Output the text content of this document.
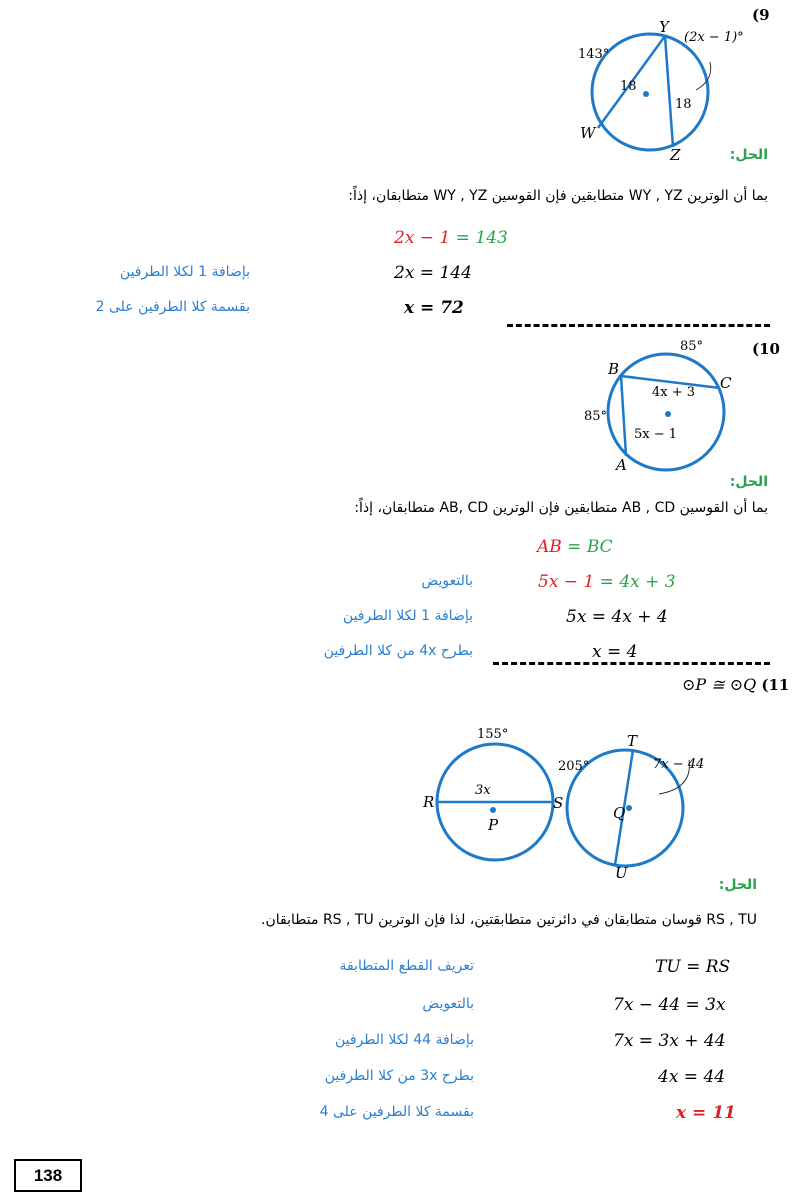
(9
143°
18
18
Y
W
Z
(2x − 1)°
الحل:
بما أن الوترين WY , YZ متطابقين فإن القوسين WY , YZ متطابقان، إذاً:
2x − 1 = 143
2x = 144
بإضافة 1 لكلا الطرفين
x = 72
بقسمة كلا الطرفين على 2
(10
85°
85°
4x + 3
5x − 1
B
C
A
الحل:
بما أن القوسين AB , CD متطابقين فإن الوترين AB, CD متطابقان، إذاً:
AB = BC
5x − 1 = 4x + 3
بالتعويض
5x = 4x + 4
بإضافة 1 لكلا الطرفين
x = 4
بطرح 4x من كلا الطرفين
⊙P ≅ ⊙Q (11
155°
3x
P
S
205°
T
7x − 44
Q
U
R
الحل:
RS , TU قوسان متطابقان في دائرتين متطابقتين، لذا فإن الوترين RS , TU متطابقان.
TU = RS
تعريف القطع المتطابقة
7x − 44 = 3x
بالتعويض
7x = 3x + 44
بإضافة 44 لكلا الطرفين
4x = 44
بطرح 3x من كلا الطرفين
x = 11
بقسمة كلا الطرفين على 4
138
